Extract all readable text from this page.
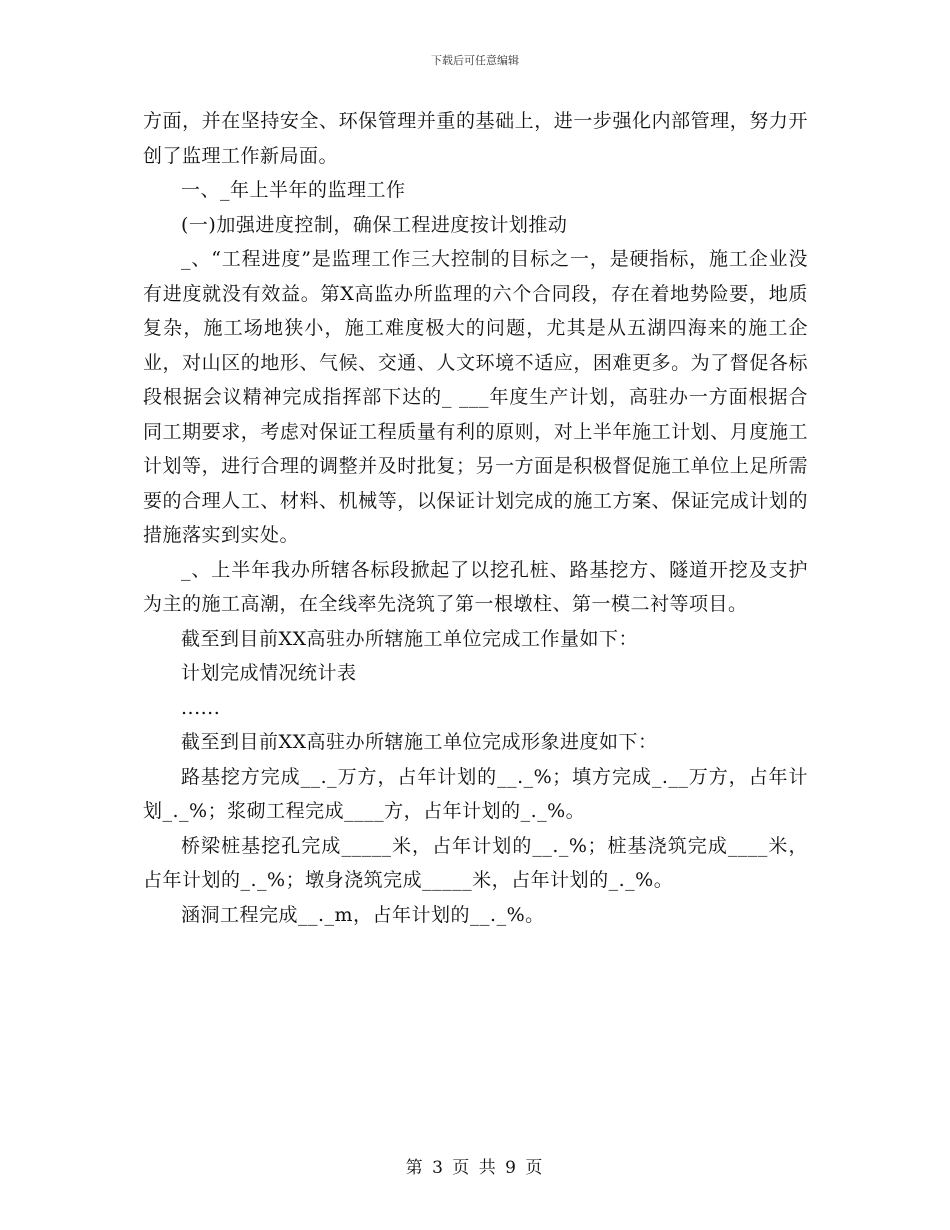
下载后可任意编辑

方面，并在坚持安全、环保管理并重的基础上，进一步强化内部管理，努力开创了监理工作新局面。

一、_年上半年的监理工作

(一)加强进度控制，确保工程进度按计划推动

_、“工程进度”是监理工作三大控制的目标之一，是硬指标，施工企业没有进度就没有效益。第X高监办所监理的六个合同段，存在着地势险要，地质复杂，施工场地狭小，施工难度极大的问题，尤其是从五湖四海来的施工企业，对山区的地形、气候、交通、人文环境不适应，困难更多。为了督促各标段根据会议精神完成指挥部下达的_ ___年度生产计划，高驻办一方面根据合同工期要求，考虑对保证工程质量有利的原则，对上半年施工计划、月度施工计划等，进行合理的调整并及时批复；另一方面是积极督促施工单位上足所需要的合理人工、材料、机械等，以保证计划完成的施工方案、保证完成计划的措施落实到实处。

_、上半年我办所辖各标段掀起了以挖孔桩、路基挖方、隧道开挖及支护为主的施工高潮，在全线率先浇筑了第一根墩柱、第一模二衬等项目。

截至到目前XX高驻办所辖施工单位完成工作量如下：

计划完成情况统计表

......

截至到目前XX高驻办所辖施工单位完成形象进度如下：

路基挖方完成__._万方，占年计划的__._%；填方完成_.__万方，占年计划_._%；浆砌工程完成____方，占年计划的_._%。

桥梁桩基挖孔完成_____米，占年计划的__._%；桩基浇筑完成____米，占年计划的_._%；墩身浇筑完成_____米，占年计划的_._%。

涵洞工程完成__._m，占年计划的__._%。

第 3 页 共 9 页
